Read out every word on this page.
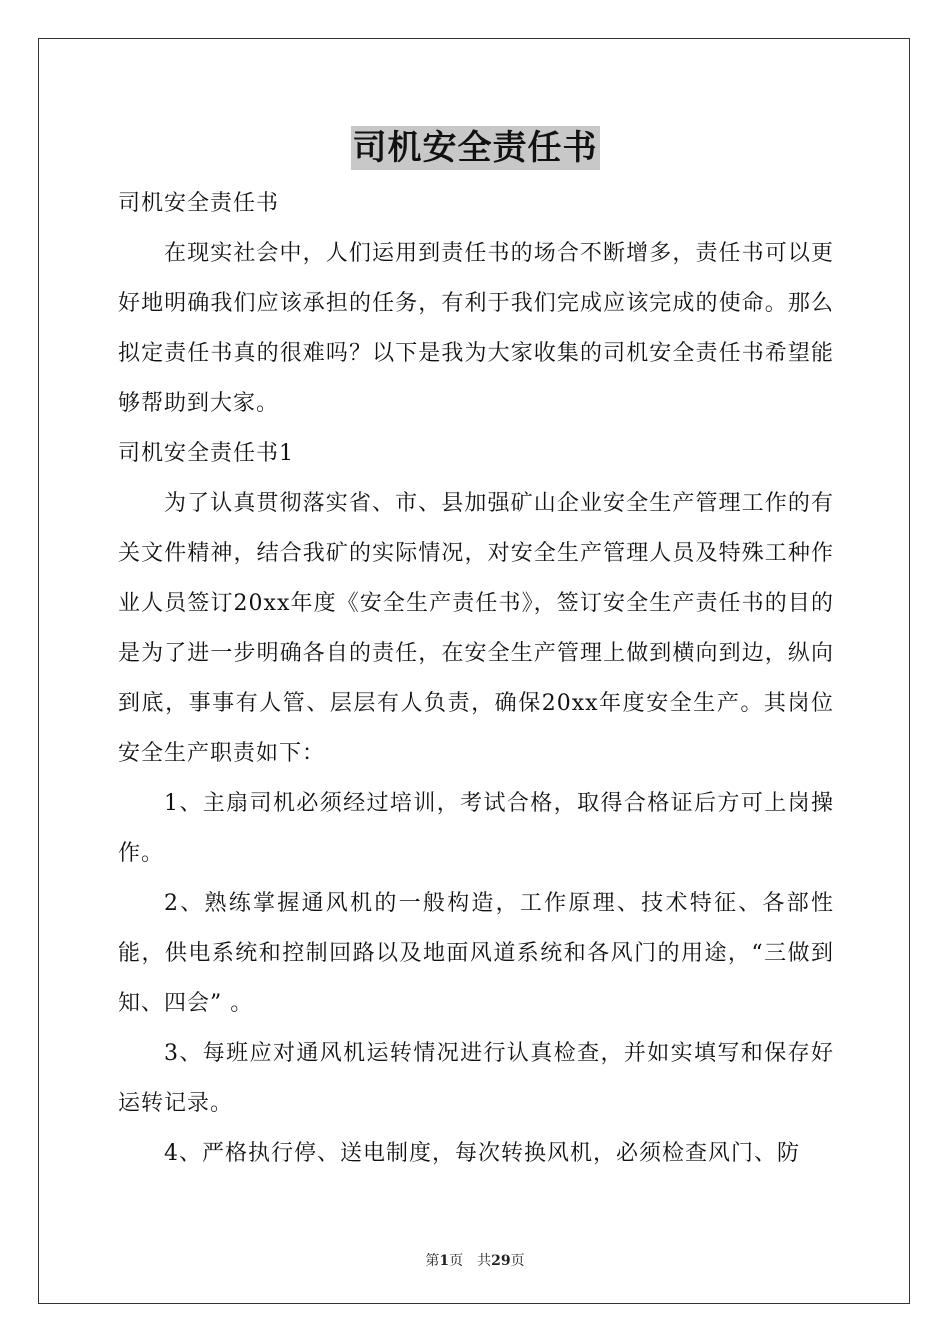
司机安全责任书

司机安全责任书

在现实社会中，人们运用到责任书的场合不断增多，责任书可以更好地明确我们应该承担的任务，有利于我们完成应该完成的使命。那么拟定责任书真的很难吗？以下是我为大家收集的司机安全责任书希望能够帮助到大家。

司机安全责任书1

为了认真贯彻落实省、市、县加强矿山企业安全生产管理工作的有关文件精神，结合我矿的实际情况，对安全生产管理人员及特殊工种作业人员签订20xx年度《安全生产责任书》，签订安全生产责任书的目的是为了进一步明确各自的责任，在安全生产管理上做到横向到边，纵向到底，事事有人管、层层有人负责，确保20xx年度安全生产。其岗位安全生产职责如下：

1、主扇司机必须经过培训，考试合格，取得合格证后方可上岗操作。

2、熟练掌握通风机的一般构造，工作原理、技术特征、各部性能，供电系统和控制回路以及地面风道系统和各风门的用途，“三做到知、四会” 。

3、每班应对通风机运转情况进行认真检查，并如实填写和保存好运转记录。

4、严格执行停、送电制度，每次转换风机，必须检查风门、防

第1页　共29页
